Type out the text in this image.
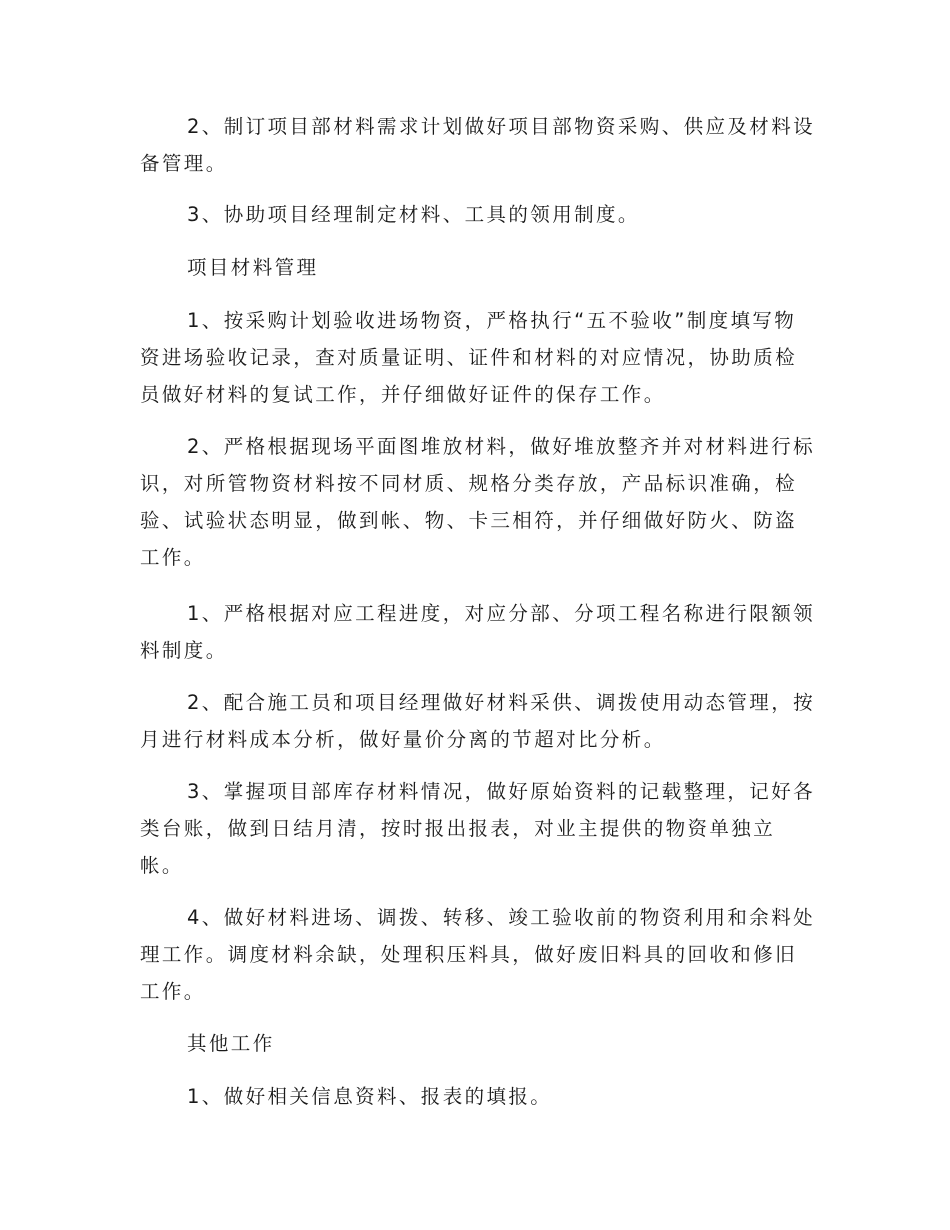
2、制订项目部材料需求计划做好项目部物资采购、供应及材料设
备管理。

3、协助项目经理制定材料、工具的领用制度。

项目材料管理

1、按采购计划验收进场物资，严格执行“五不验收”制度填写物
资进场验收记录，查对质量证明、证件和材料的对应情况，协助质检
员做好材料的复试工作，并仔细做好证件的保存工作。

2、严格根据现场平面图堆放材料，做好堆放整齐并对材料进行标
识，对所管物资材料按不同材质、规格分类存放，产品标识准确，检
验、试验状态明显，做到帐、物、卡三相符，并仔细做好防火、防盗
工作。

1、严格根据对应工程进度，对应分部、分项工程名称进行限额领
料制度。

2、配合施工员和项目经理做好材料采供、调拨使用动态管理，按
月进行材料成本分析，做好量价分离的节超对比分析。

3、掌握项目部库存材料情况，做好原始资料的记载整理，记好各
类台账，做到日结月清，按时报出报表，对业主提供的物资单独立
帐。

4、做好材料进场、调拨、转移、竣工验收前的物资利用和余料处
理工作。调度材料余缺，处理积压料具，做好废旧料具的回收和修旧
工作。

其他工作

1、做好相关信息资料、报表的填报。
